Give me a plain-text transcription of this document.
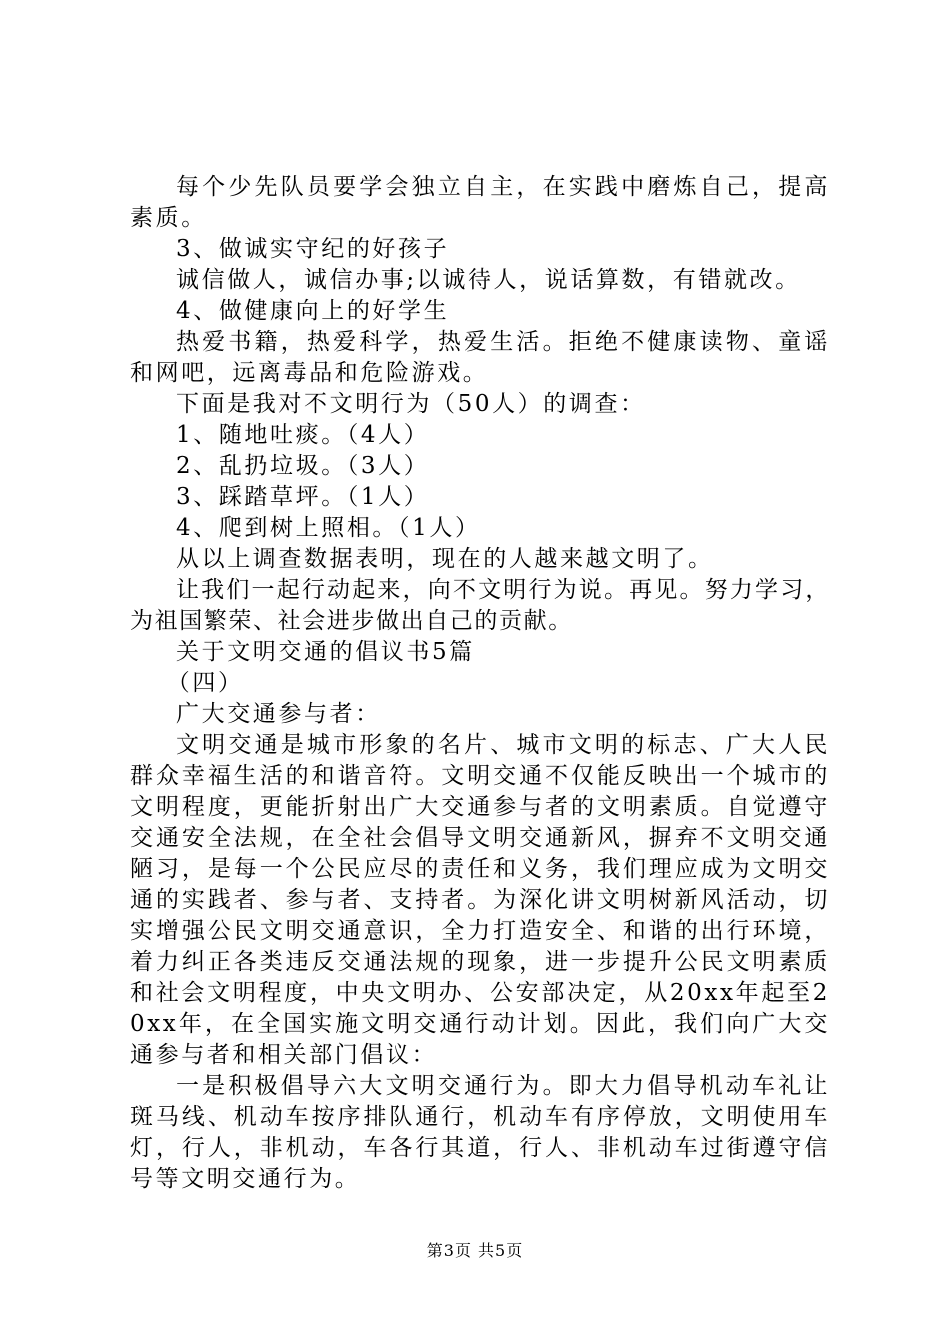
每个少先队员要学会独立自主，在实践中磨炼自己，提高素质。

3、做诚实守纪的好孩子

诚信做人，诚信办事;以诚待人，说话算数，有错就改。

4、做健康向上的好学生

热爱书籍，热爱科学，热爱生活。拒绝不健康读物、童谣和网吧，远离毒品和危险游戏。

下面是我对不文明行为（50人）的调查：

1、随地吐痰。（4人）

2、乱扔垃圾。（3人）

3、踩踏草坪。（1人）

4、爬到树上照相。（1人）

从以上调查数据表明，现在的人越来越文明了。

让我们一起行动起来，向不文明行为说。再见。努力学习，为祖国繁荣、社会进步做出自己的贡献。

关于文明交通的倡议书5篇

（四）

广大交通参与者：

文明交通是城市形象的名片、城市文明的标志、广大人民群众幸福生活的和谐音符。文明交通不仅能反映出一个城市的文明程度，更能折射出广大交通参与者的文明素质。自觉遵守交通安全法规，在全社会倡导文明交通新风，摒弃不文明交通陋习，是每一个公民应尽的责任和义务，我们理应成为文明交通的实践者、参与者、支持者。为深化讲文明树新风活动，切实增强公民文明交通意识，全力打造安全、和谐的出行环境，着力纠正各类违反交通法规的现象，进一步提升公民文明素质和社会文明程度，中央文明办、公安部决定，从20xx年起至20xx年，在全国实施文明交通行动计划。因此，我们向广大交通参与者和相关部门倡议：

一是积极倡导六大文明交通行为。即大力倡导机动车礼让斑马线、机动车按序排队通行，机动车有序停放，文明使用车灯，行人，非机动，车各行其道，行人、非机动车过街遵守信号等文明交通行为。

第3页 共5页
